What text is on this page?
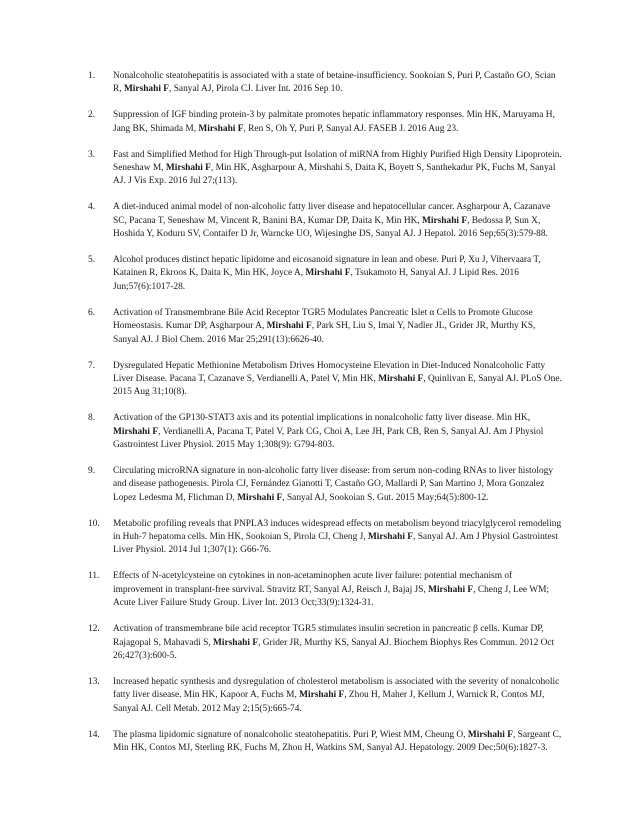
1. Nonalcoholic steatohepatitis is associated with a state of betaine-insufficiency. Sookoian S, Puri P, Castaño GO, Scian R, Mirshahi F, Sanyal AJ, Pirola CJ. Liver Int. 2016 Sep 10.
2. Suppression of IGF binding protein-3 by palmitate promotes hepatic inflammatory responses. Min HK, Maruyama H, Jang BK, Shimada M, Mirshahi F, Ren S, Oh Y, Puri P, Sanyal AJ. FASEB J. 2016 Aug 23.
3. Fast and Simplified Method for High Through-put Isolation of miRNA from Highly Purified High Density Lipoprotein. Seneshaw M, Mirshahi F, Min HK, Asgharpour A, Mirshahi S, Daita K, Boyett S, Santhekadur PK, Fuchs M, Sanyal AJ. J Vis Exp. 2016 Jul 27;(113).
4. A diet-induced animal model of non-alcoholic fatty liver disease and hepatocellular cancer. Asgharpour A, Cazanave SC, Pacana T, Seneshaw M, Vincent R, Banini BA, Kumar DP, Daita K, Min HK, Mirshahi F, Bedossa P, Sun X, Hoshida Y, Koduru SV, Contaifer D Jr, Warncke UO, Wijesinghe DS, Sanyal AJ. J Hepatol. 2016 Sep;65(3):579-88.
5. Alcohol produces distinct hepatic lipidome and eicosanoid signature in lean and obese. Puri P, Xu J, Vihervaara T, Katainen R, Ekroos K, Daita K, Min HK, Joyce A, Mirshahi F, Tsukamoto H, Sanyal AJ. J Lipid Res. 2016 Jun;57(6):1017-28.
6. Activation of Transmembrane Bile Acid Receptor TGR5 Modulates Pancreatic Islet α Cells to Promote Glucose Homeostasis. Kumar DP, Asgharpour A, Mirshahi F, Park SH, Liu S, Imai Y, Nadler JL, Grider JR, Murthy KS, Sanyal AJ. J Biol Chem. 2016 Mar 25;291(13):6626-40.
7. Dysregulated Hepatic Methionine Metabolism Drives Homocysteine Elevation in Diet-Induced Nonalcoholic Fatty Liver Disease. Pacana T, Cazanave S, Verdianelli A, Patel V, Min HK, Mirshahi F, Quinlivan E, Sanyal AJ. PLoS One. 2015 Aug 31;10(8).
8. Activation of the GP130-STAT3 axis and its potential implications in nonalcoholic fatty liver disease. Min HK, Mirshahi F, Verdianelli A, Pacana T, Patel V, Park CG, Choi A, Lee JH, Park CB, Ren S, Sanyal AJ. Am J Physiol Gastrointest Liver Physiol. 2015 May 1;308(9): G794-803.
9. Circulating microRNA signature in non-alcoholic fatty liver disease: from serum non-coding RNAs to liver histology and disease pathogenesis. Pirola CJ, Fernández Gianotti T, Castaño GO, Mallardi P, San Martino J, Mora Gonzalez Lopez Ledesma M, Flichman D, Mirshahi F, Sanyal AJ, Sookoian S. Gut. 2015 May;64(5):800-12.
10. Metabolic profiling reveals that PNPLA3 induces widespread effects on metabolism beyond triacylglycerol remodeling in Huh-7 hepatoma cells. Min HK, Sookoian S, Pirola CJ, Cheng J, Mirshahi F, Sanyal AJ. Am J Physiol Gastrointest Liver Physiol. 2014 Jul 1;307(1): G66-76.
11. Effects of N-acetylcysteine on cytokines in non-acetaminophen acute liver failure: potential mechanism of improvement in transplant-free survival. Stravitz RT, Sanyal AJ, Reisch J, Bajaj JS, Mirshahi F, Cheng J, Lee WM; Acute Liver Failure Study Group. Liver Int. 2013 Oct;33(9):1324-31.
12. Activation of transmembrane bile acid receptor TGR5 stimulates insulin secretion in pancreatic β cells. Kumar DP, Rajagopal S, Mahavadi S, Mirshahi F, Grider JR, Murthy KS, Sanyal AJ. Biochem Biophys Res Commun. 2012 Oct 26;427(3):600-5.
13. Increased hepatic synthesis and dysregulation of cholesterol metabolism is associated with the severity of nonalcoholic fatty liver disease. Min HK, Kapoor A, Fuchs M, Mirshahi F, Zhou H, Maher J, Kellum J, Warnick R, Contos MJ, Sanyal AJ. Cell Metab. 2012 May 2;15(5):665-74.
14. The plasma lipidomic signature of nonalcoholic steatohepatitis. Puri P, Wiest MM, Cheung O, Mirshahi F, Sargeant C, Min HK, Contos MJ, Sterling RK, Fuchs M, Zhou H, Watkins SM, Sanyal AJ. Hepatology. 2009 Dec;50(6):1827-3.
